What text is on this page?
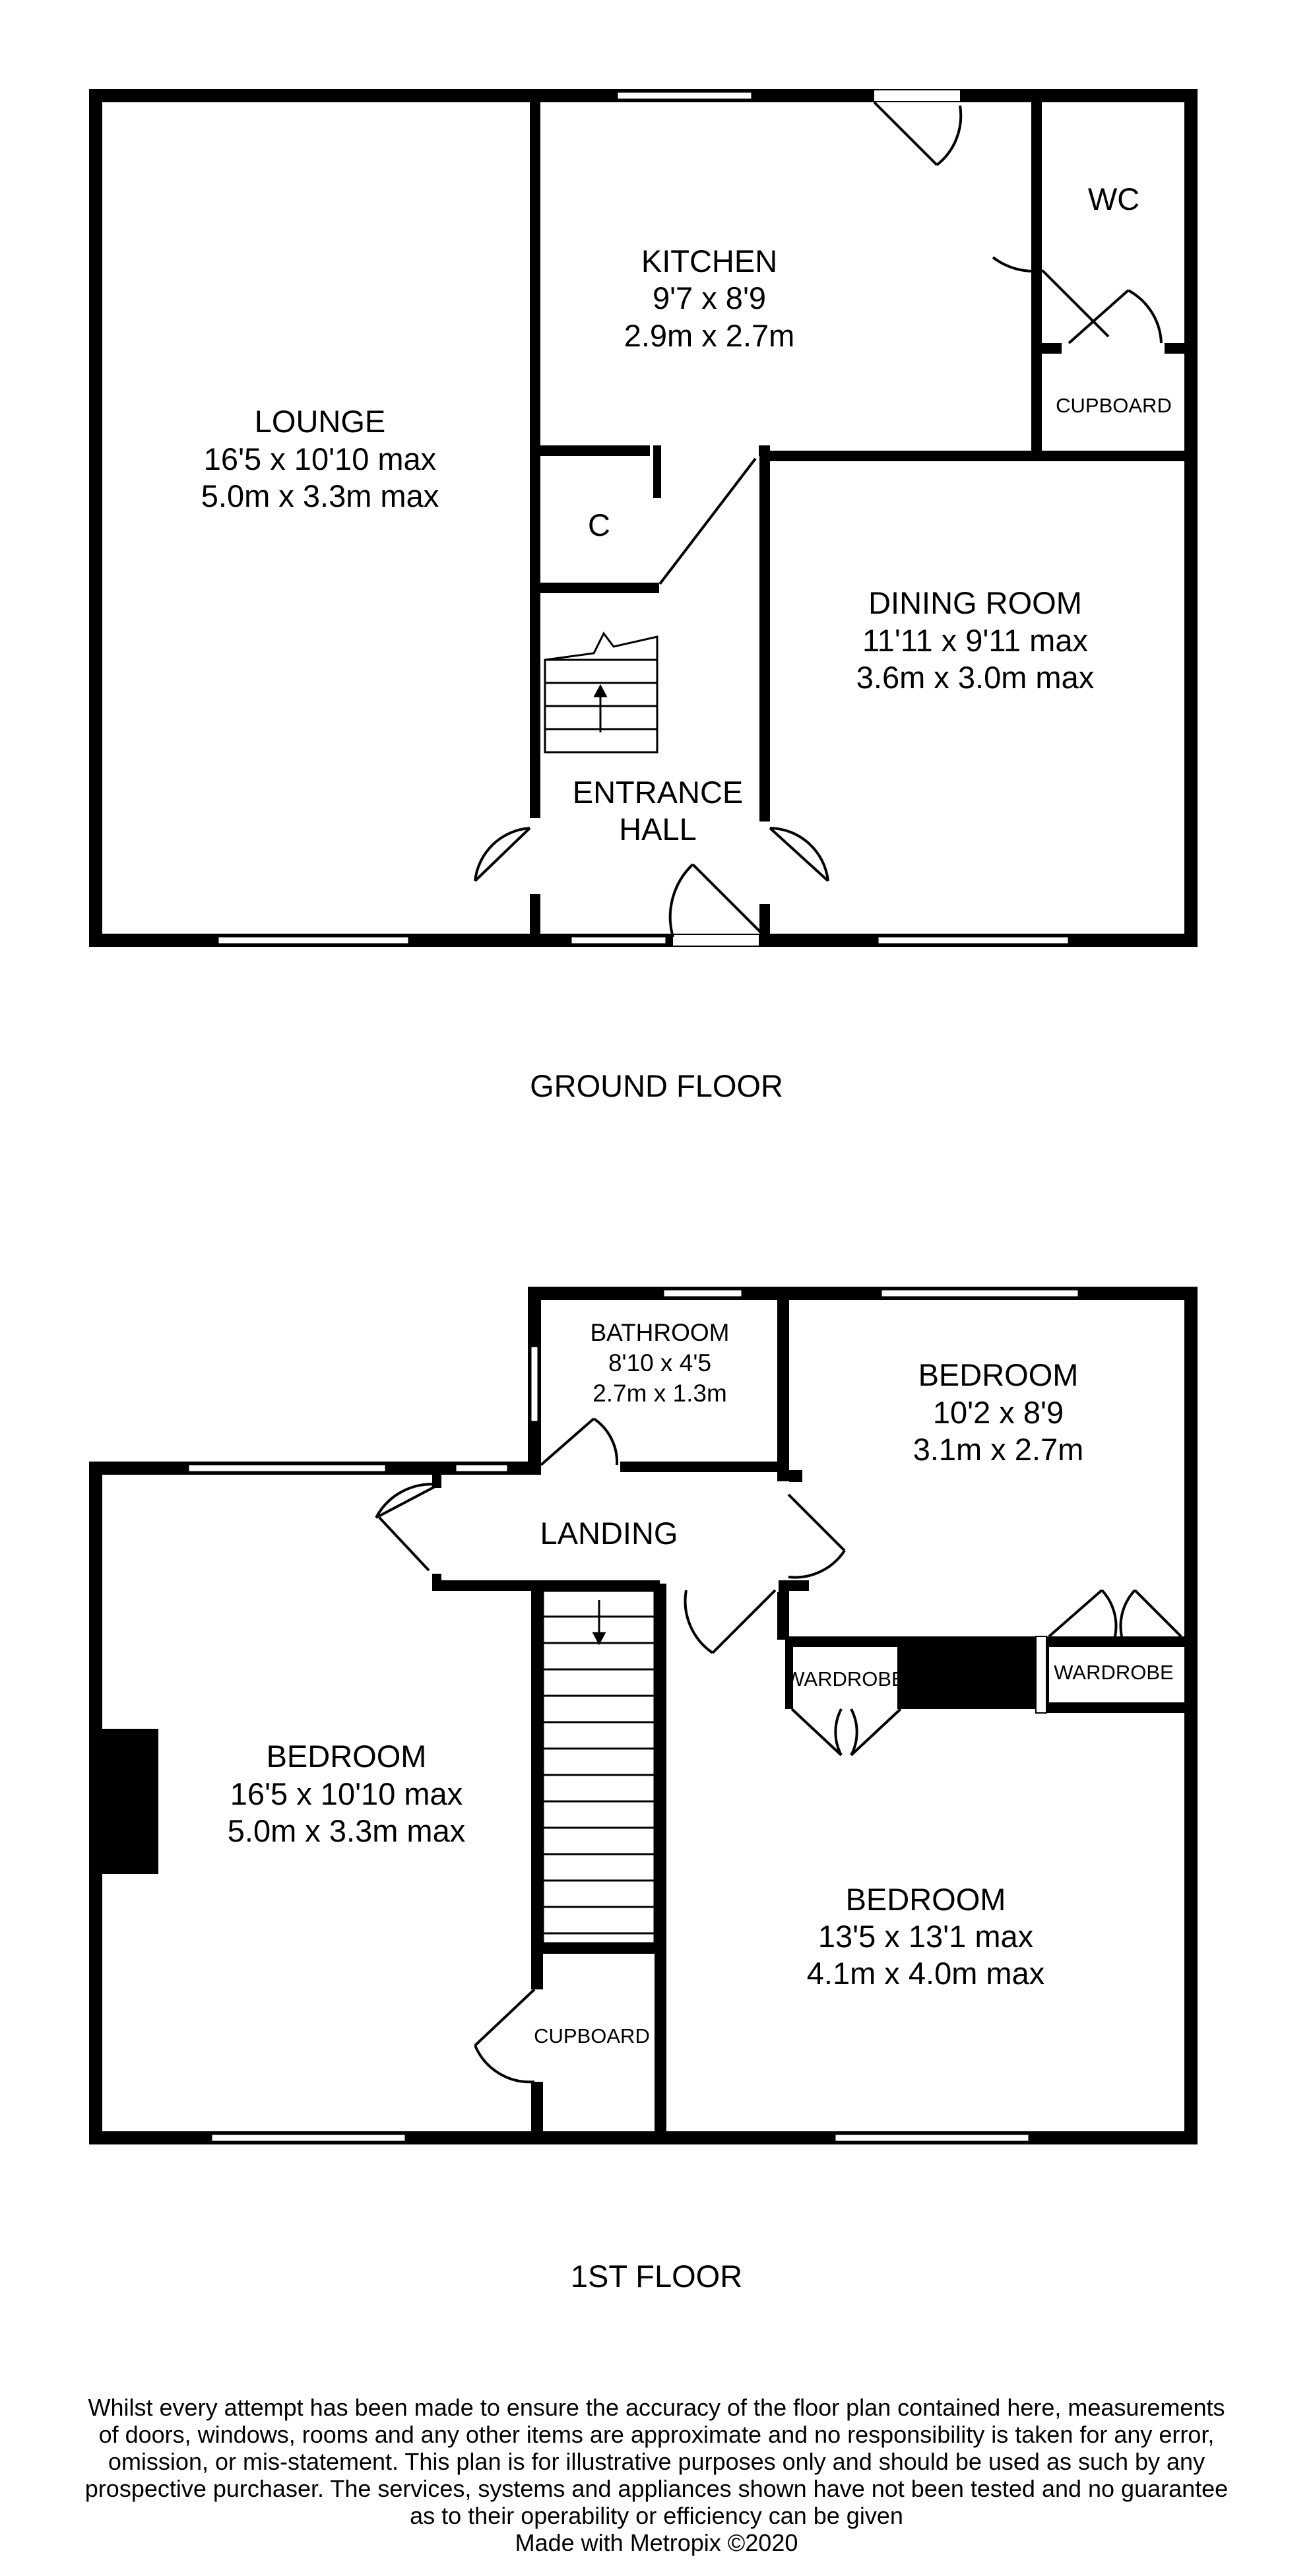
LOUNGE
16'5 x 10'10 max
5.0m x 3.3m max
KITCHEN
9'7 x 8'9
2.9m x 2.7m
WC
CUPBOARD
C
DINING ROOM
11'11 x 9'11 max
3.6m x 3.0m max
ENTRANCE
HALL
GROUND FLOOR
BATHROOM
8'10 x 4'5
2.7m x 1.3m
BEDROOM
10'2 x 8'9
3.1m x 2.7m
LANDING
WARDROBE	WARDROBE
BEDROOM
16'5 x 10'10 max
5.0m x 3.3m max
BEDROOM
13'5 x 13'1 max
4.1m x 4.0m max
CUPBOARD
1ST FLOOR
Whilst every attempt has been made to ensure the accuracy of the floor plan contained here, measurements
of doors, windows, rooms and any other items are approximate and no responsibility is taken for any error,
omission, or mis-statement. This plan is for illustrative purposes only and should be used as such by any
prospective purchaser. The services, systems and appliances shown have not been tested and no guarantee
as to their operability or efficiency can be given
Made with Metropix ©2020
